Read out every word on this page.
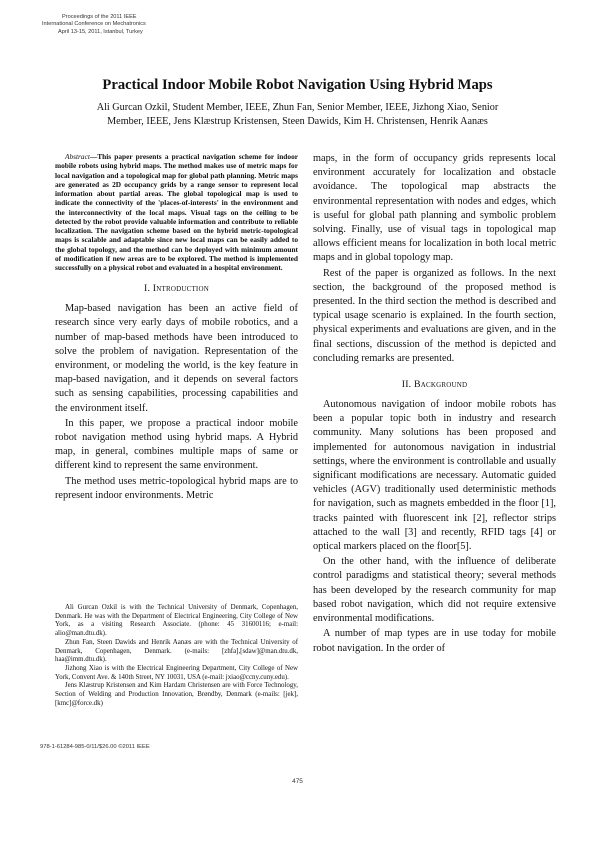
Proceedings of the 2011 IEEE
International Conference on Mechatronics
April 13-15, 2011, Istanbul, Turkey
Practical Indoor Mobile Robot Navigation Using Hybrid Maps
Ali Gurcan Ozkil, Student Member, IEEE, Zhun Fan, Senior Member, IEEE, Jizhong Xiao, Senior
Member, IEEE, Jens Klæstrup Kristensen, Steen Dawids, Kim H. Christensen, Henrik Aanæs

Abstract—This paper presents a practical navigation scheme for indoor mobile robots using hybrid maps. The method makes use of metric maps for local navigation and a topological map for global path planning. Metric maps are generated as 2D occupancy grids by a range sensor to represent local information about partial areas. The global topological map is used to indicate the connectivity of the 'places-of-interests' in the environment and the interconnectivity of the local maps. Visual tags on the ceiling to be detected by the robot provide valuable information and contribute to reliable localization. The navigation scheme based on the hybrid metric-topological maps is scalable and adaptable since new local maps can be easily added to the global topology, and the method can be deployed with minimum amount of modification if new areas are to be explored. The method is implemented successfully on a physical robot and evaluated in a hospital environment.

I. Introduction

Map-based navigation has been an active field of research since very early days of mobile robotics, and a number of map-based methods have been introduced to solve the problem of navigation. Representation of the environment, or modeling the world, is the key feature in map-based navigation, and it depends on several factors such as sensing capabilities, processing capabilities and the environment itself.

In this paper, we propose a practical indoor mobile robot navigation method using hybrid maps. A Hybrid map, in general, combines multiple maps of same or different kind to represent the same environment.

The method uses metric-topological hybrid maps are to represent indoor environments. Metric

Ali Gurcan Ozkil is with the Technical University of Denmark, Copenhagen, Denmark. He was with the Department of Electrical Engineering, City College of New York, as a visiting Research Associate. (phone: 45 31600116; e-mail: alio@man.dtu.dk).

Zhun Fan, Steen Dawids and Henrik Aanæs are with the Technical University of Denmark, Copenhagen, Denmark. (e-mails: [zhfa],[sdaw]@man.dtu.dk, haa@imm.dtu.dk).

Jizhong Xiao is with the Electrical Engineering Department, City College of New York, Convent Ave. & 140th Street, NY 10031, USA (e-mail: jxiao@ccny.cuny.edu).

Jens Klæstrup Kristensen and Kim Hardam Christensen are with Force Technology, Section of Welding and Production Innovation, Brøndby, Denmark (e-mails: [jek],[kmc]@force.dk)

maps, in the form of occupancy grids represents local environment accurately for localization and obstacle avoidance. The topological map abstracts the environmental representation with nodes and edges, which is useful for global path planning and symbolic problem solving. Finally, use of visual tags in topological map allows efficient means for localization in both local metric maps and in global topology map.

Rest of the paper is organized as follows. In the next section, the background of the proposed method is presented. In the third section the method is described and typical usage scenario is explained. In the fourth section, physical experiments and evaluations are given, and in the final sections, discussion of the method is depicted and concluding remarks are presented.

II. Background

Autonomous navigation of indoor mobile robots has been a popular topic both in industry and research community. Many solutions has been proposed and implemented for autonomous navigation in industrial settings, where the environment is controllable and usually significant modifications are necessary. Automatic guided vehicles (AGV) traditionally used deterministic methods for navigation, such as magnets embedded in the floor [1], tracks painted with fluorescent ink [2], reflector strips attached to the wall [3] and recently, RFID tags [4] or optical markers placed on the floor[5].

On the other hand, with the influence of deliberate control paradigms and statistical theory; several methods has been developed by the research community for map based robot navigation, which did not require extensive environmental modifications.

A number of map types are in use today for mobile robot navigation. In the order of

978-1-61284-985-0/11/$26.00 ©2011 IEEE
475
